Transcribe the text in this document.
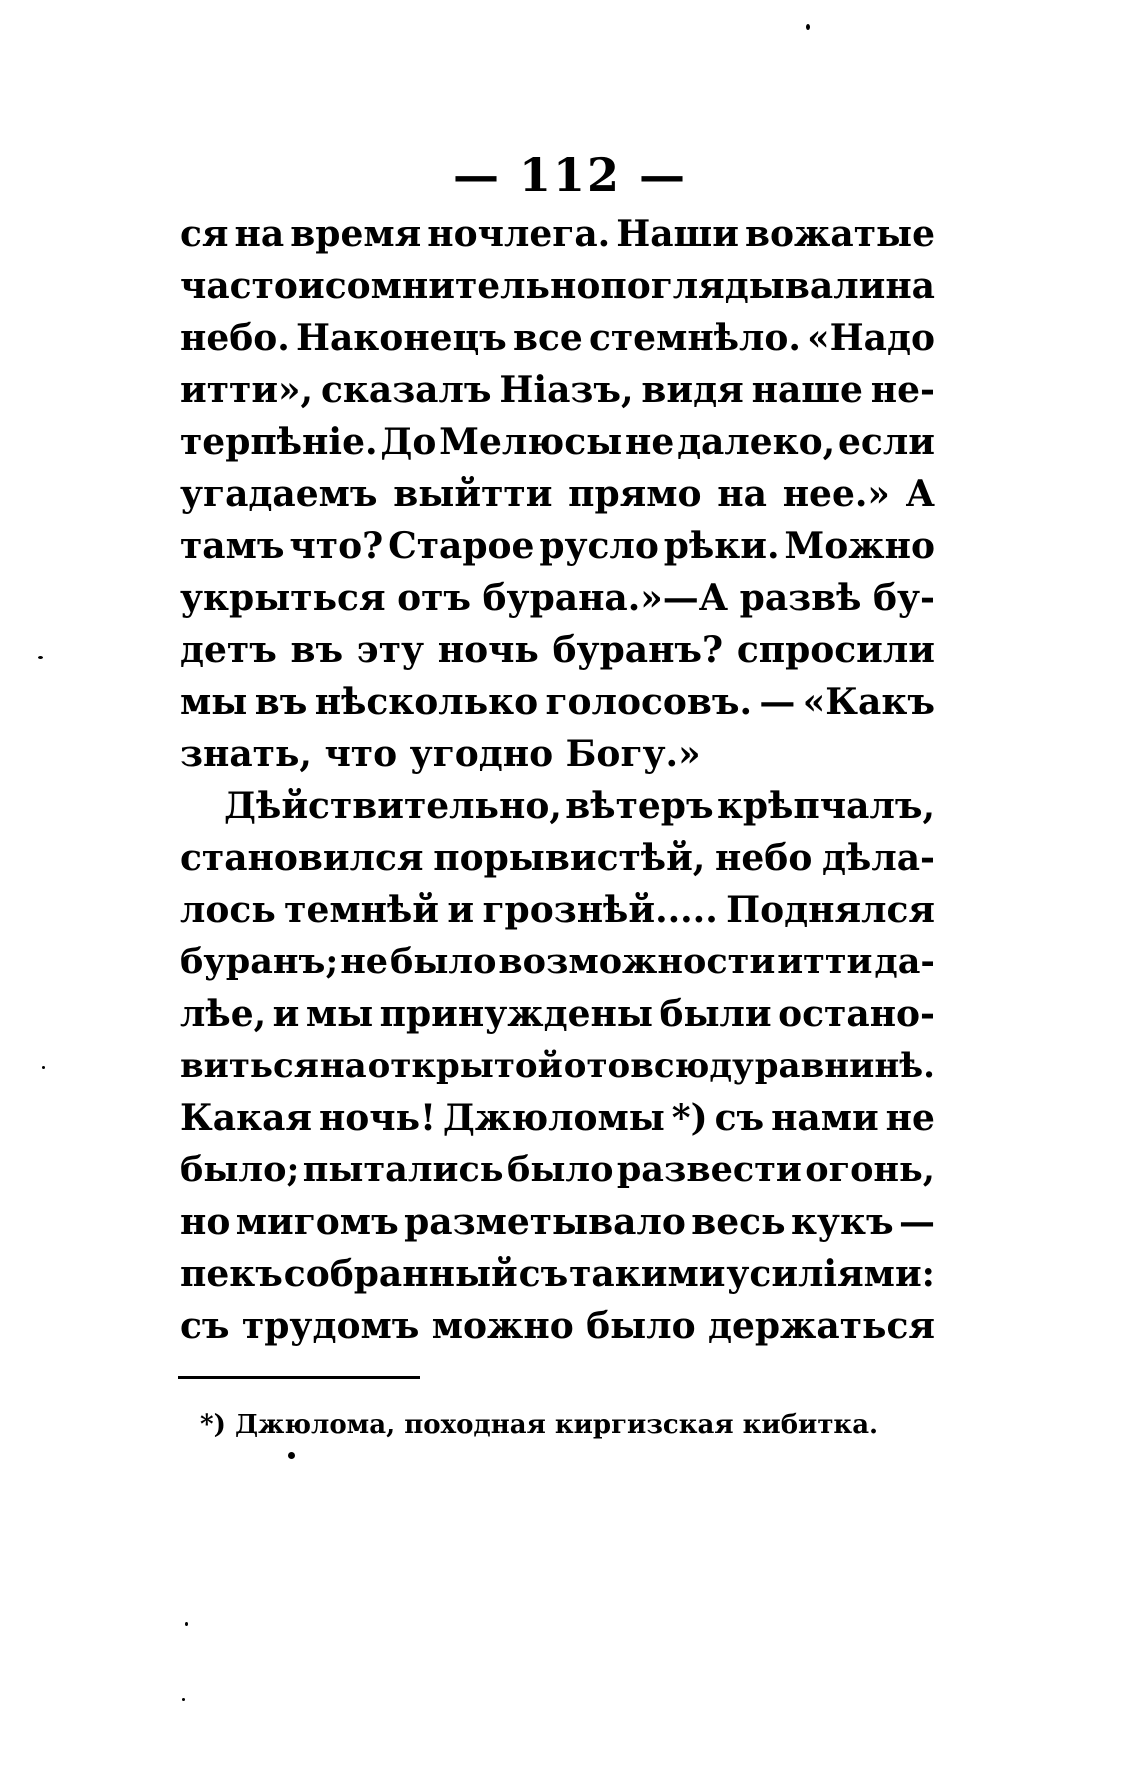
— 112 —
ся на время ночлега. Наши вожатые
часто и сомнительно поглядывали на
небо. Наконецъ все стемнѣло. «Надо
итти», сказалъ Ніазъ, видя наше не-
терпѣніе. До Мелюсы не далеко, если
угадаемъ выйтти прямо на нее.» А
тамъ что? Старое русло рѣки. Можно
укрыться отъ бурана.»—А развѣ бу-
детъ въ эту ночь буранъ? спросили
мы въ нѣсколько голосовъ. — «Какъ
знать, что угодно Богу.»
Дѣйствительно, вѣтеръ крѣпчалъ,
становился порывистѣй, небо дѣла-
лось темнѣй и грознѣй..... Поднялся
буранъ; не было возможности итти да-
лѣе, и мы принуждены были остано-
виться на открытой отовсюду равнинѣ.
Какая ночь! Джюломы *) съ нами не
было; пытались было развести огонь,
но мигомъ разметывало весь кукъ —
пекъ собранный съ такими усиліями:
съ трудомъ можно было держаться
*) Джюлома, походная киргизская кибитка.
